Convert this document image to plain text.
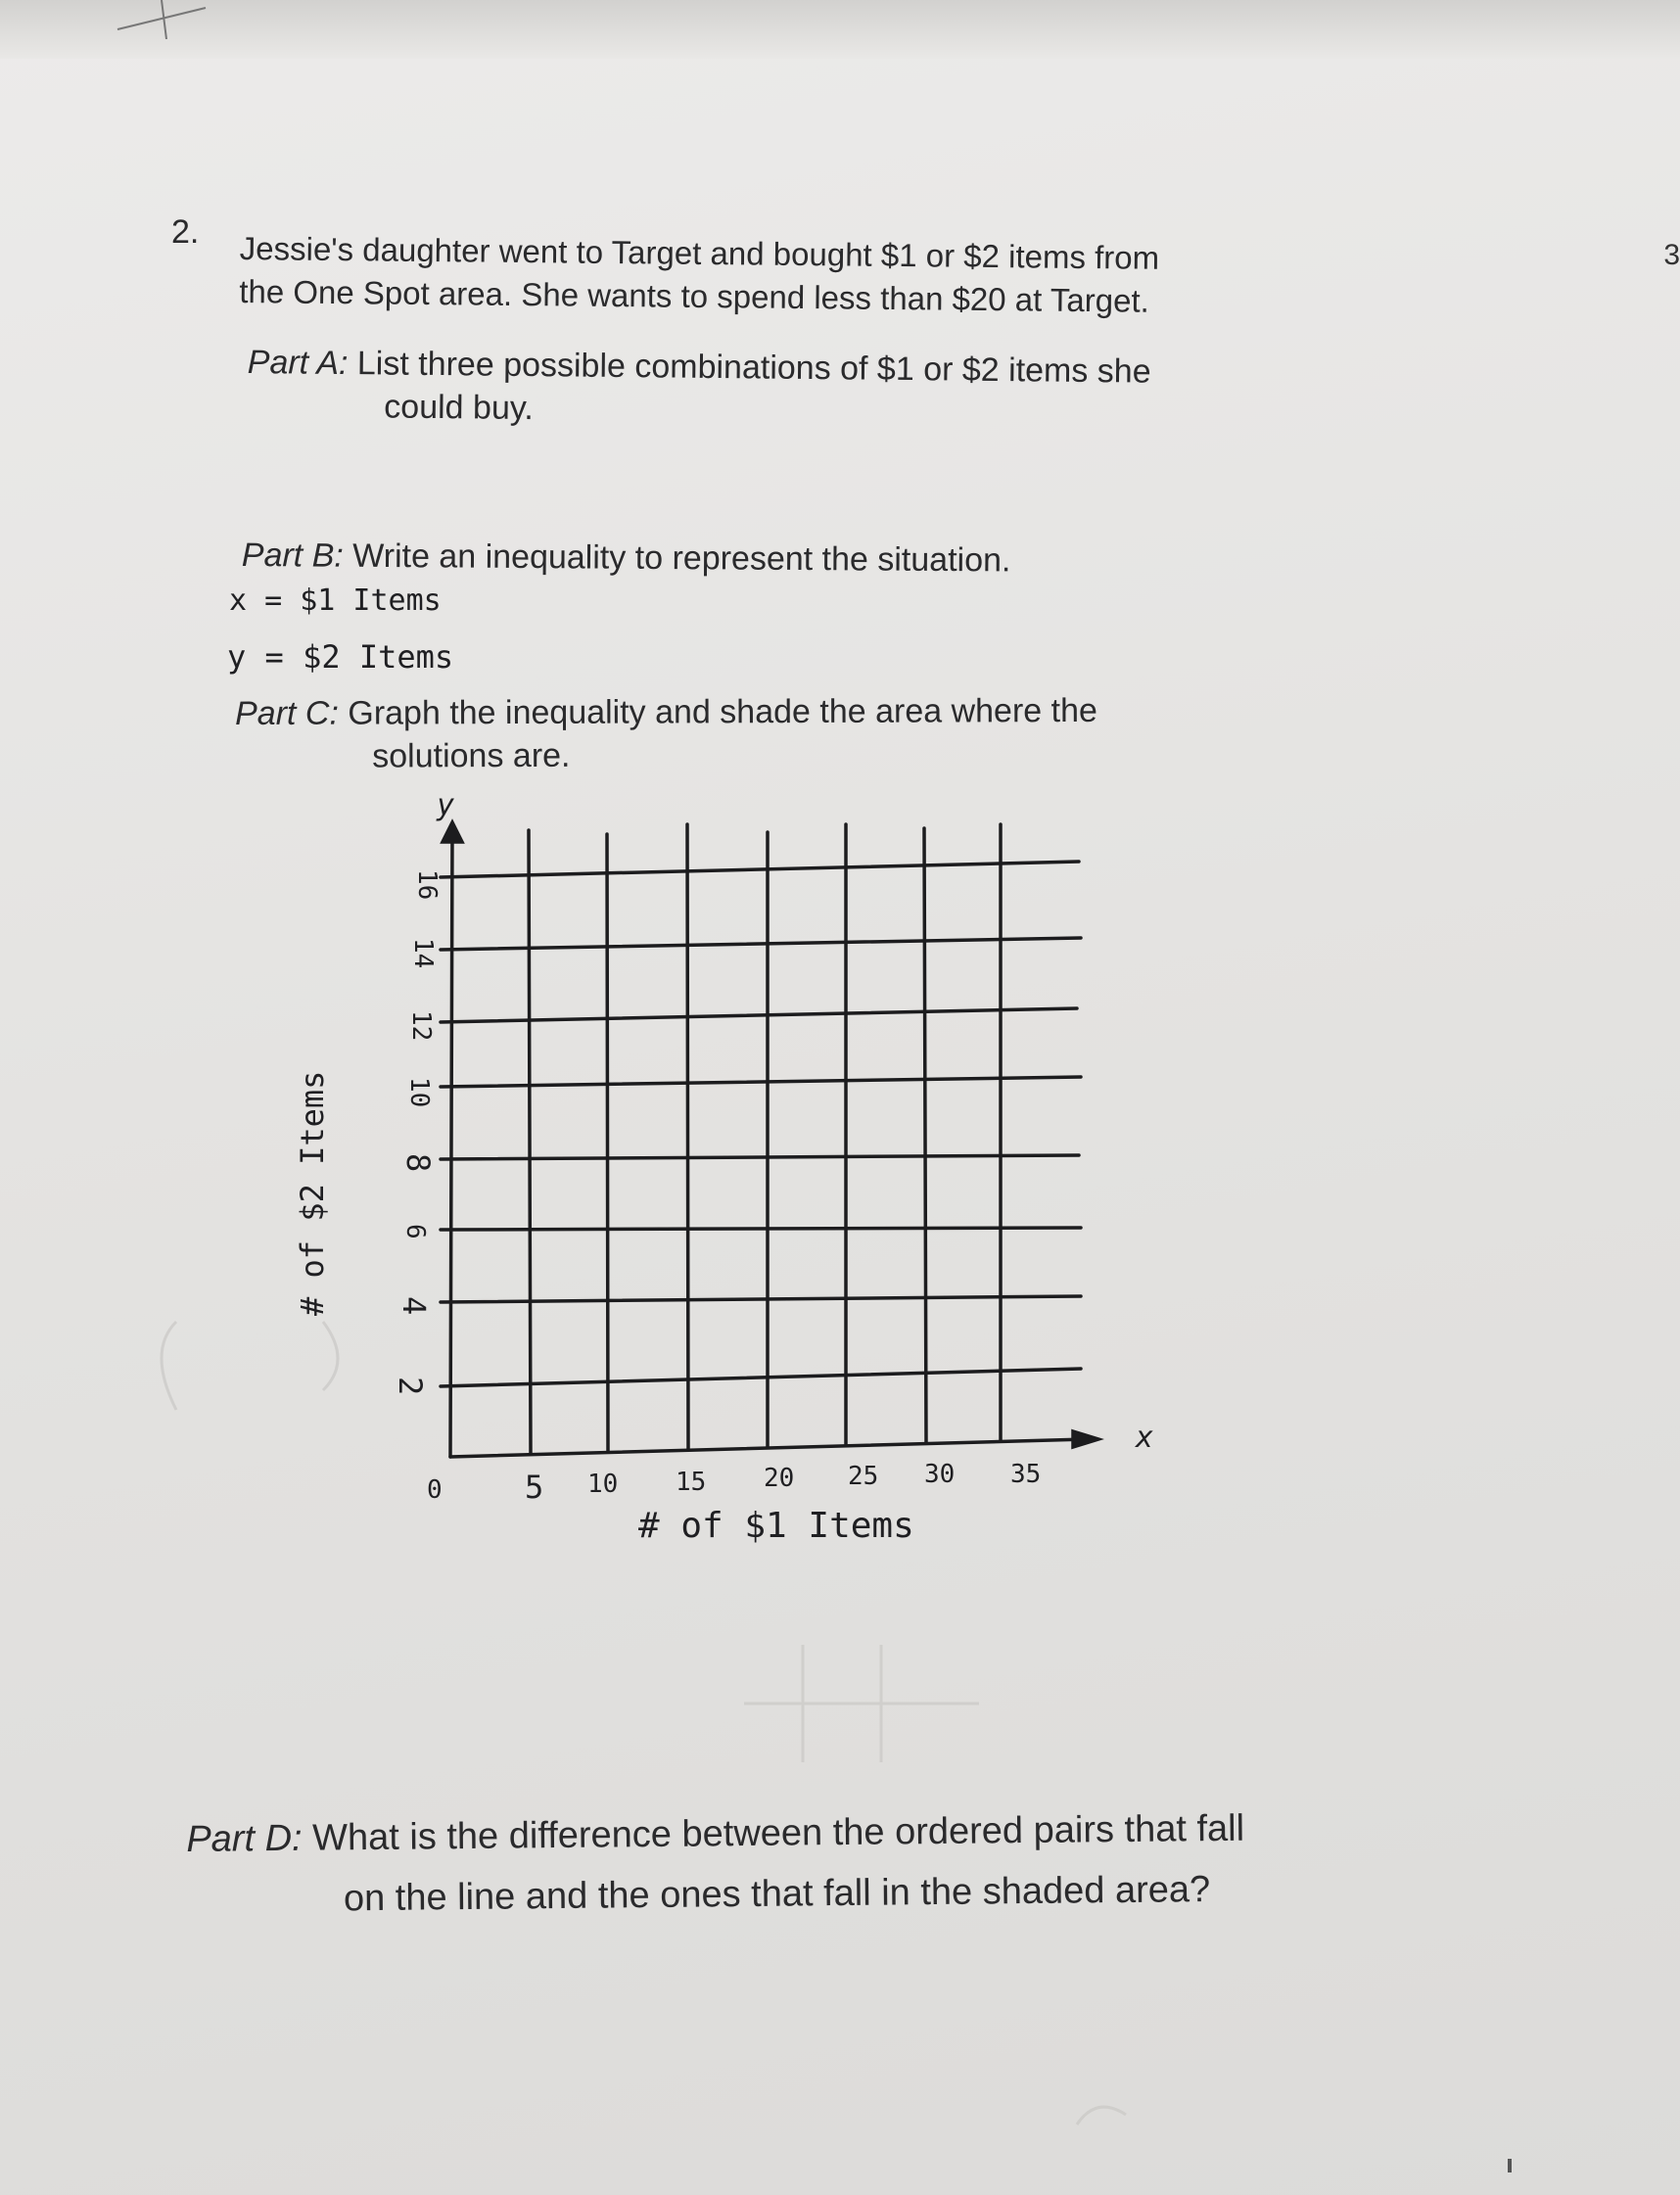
2. Jessie's daughter went to Target and bought $1 or $2 items from
the One Spot area. She wants to spend less than $20 at Target.
3
Part A: List three possible combinations of $1 or $2 items she
could buy.
Part B: Write an inequality to represent the situation.
x = $1 Items
y = $2 Items
Part C: Graph the inequality and shade the area where the
solutions are.
y
16
14
12
10
8
6
4
2
0	5 10 15 20 25 30 35
x
# of $2 Items
# of $1 Items
Part D: What is the difference between the ordered pairs that fall
on the line and the ones that fall in the shaded area?
